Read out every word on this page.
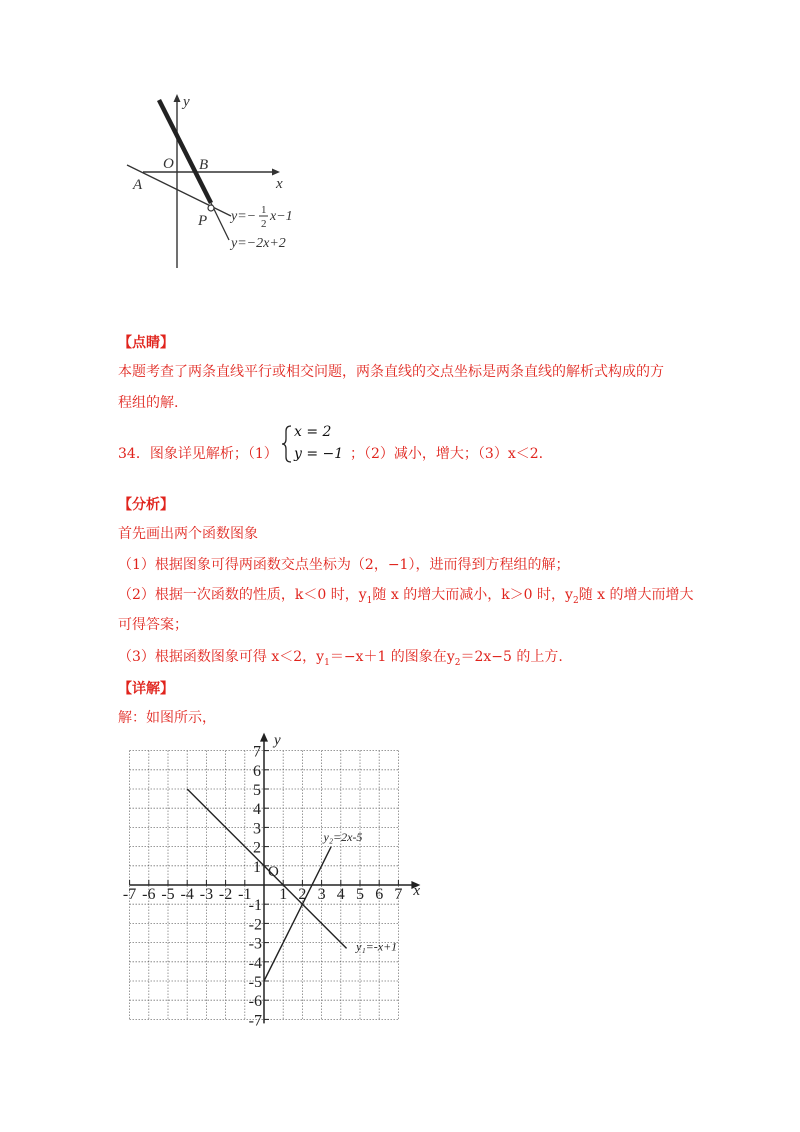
y
x
O B
A
P y=− 1
2 x−1
y=−2x+2
【点睛】
本题考查了两条直线平行或相交问题，两条直线的交点坐标是两条直线的解析式构成的方
程组的解.
34．图象详见解析；（1）
x = 2
y = −1 ；（2）减小，增大；（3）x＜2.
【分析】
首先画出两个函数图象
（1）根据图象可得两函数交点坐标为（2，−1），进而得到方程组的解；
（2）根据一次函数的性质，k＜0 时，$y_1$随 x 的增大而减小，k＞0 时，$y_2$随 x 的增大而增大
可得答案；
（3）根据函数图象可得 x＜2，$y_1=-x+1$ 的图象在$y_2=2x-5$ 的上方.
【详解】
解：如图所示，
7
6
5
4
3
2
1
-1
-2
-3
-4
-5
-6
-7
-7 -6 -5 -4 -3 -2 -1 1 2 3 4 5 6 7 x
y
O
y₂=2x-5
y₁=-x+1
